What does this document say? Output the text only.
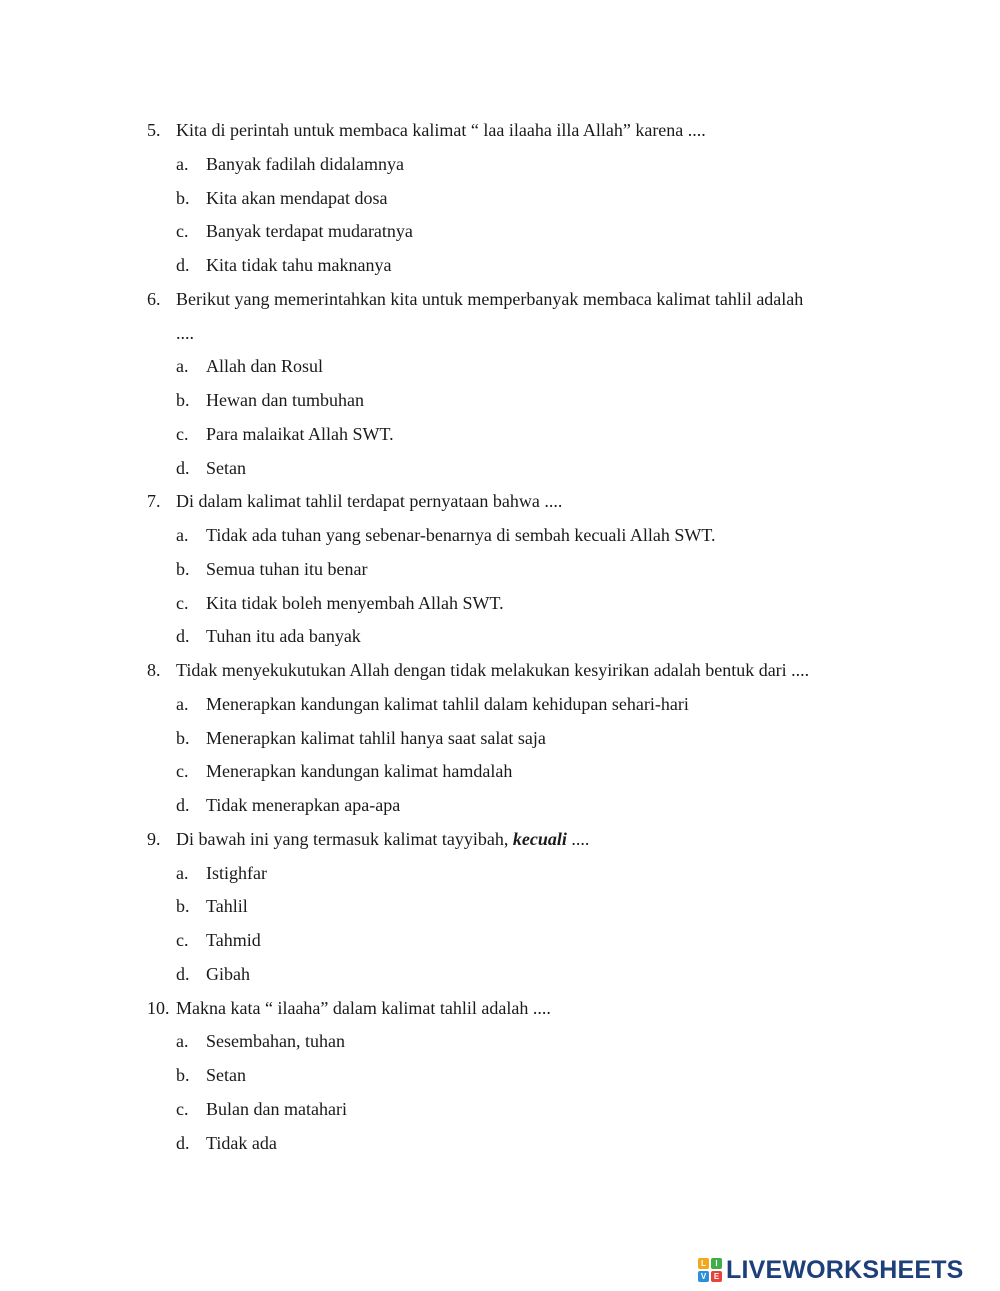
5. Kita di perintah untuk membaca kalimat “ laa ilaaha illa Allah” karena ....
a. Banyak fadilah didalamnya
b. Kita akan mendapat dosa
c. Banyak terdapat mudaratnya
d. Kita tidak tahu maknanya
6. Berikut yang memerintahkan kita untuk memperbanyak membaca kalimat tahlil adalah
....
a. Allah dan Rosul
b. Hewan dan tumbuhan
c. Para malaikat Allah SWT.
d. Setan
7. Di dalam kalimat tahlil terdapat pernyataan bahwa ....
a. Tidak ada tuhan yang sebenar-benarnya di sembah kecuali Allah SWT.
b. Semua tuhan itu benar
c. Kita tidak boleh menyembah Allah SWT.
d. Tuhan itu ada banyak
8. Tidak menyekukutukan Allah dengan tidak melakukan kesyirikan adalah bentuk dari ....
a. Menerapkan kandungan kalimat tahlil dalam kehidupan sehari-hari
b. Menerapkan kalimat tahlil hanya saat salat saja
c. Menerapkan kandungan kalimat hamdalah
d. Tidak menerapkan apa-apa
9. Di bawah ini yang termasuk kalimat tayyibah, kecuali ....
a. Istighfar
b. Tahlil
c. Tahmid
d. Gibah
10. Makna kata “ ilaaha” dalam kalimat tahlil adalah ....
a. Sesembahan, tuhan
b. Setan
c. Bulan dan matahari
d. Tidak ada
L	I
V E LIVEWORKSHEETS
